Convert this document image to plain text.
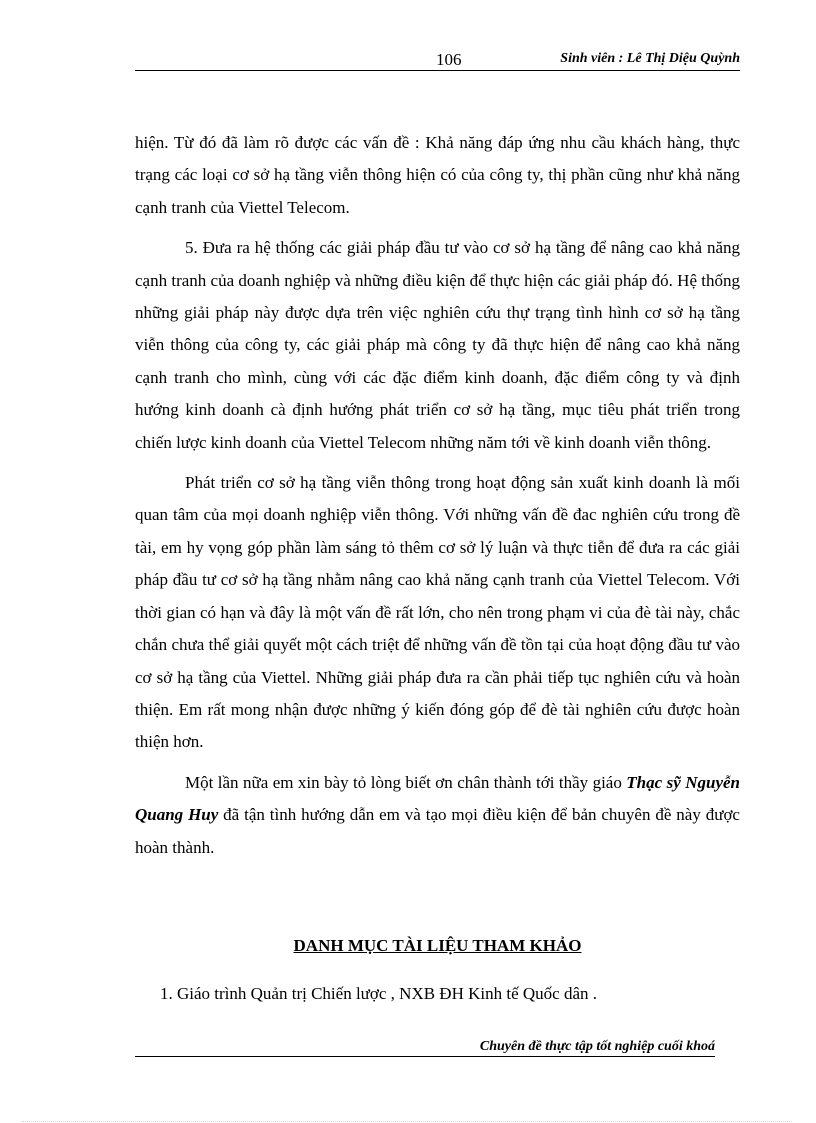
106	Sinh viên : Lê Thị Diệu Quỳnh

hiện. Từ đó đã làm rõ được các vấn đề : Khả năng đáp ứng nhu cầu khách hàng, thực trạng các loại cơ sở hạ tầng viễn thông hiện có của công ty, thị phần cũng như khả năng cạnh tranh của Viettel Telecom.

5. Đưa ra hệ thống các giải pháp đầu tư vào cơ sở hạ tầng để nâng cao khả năng cạnh tranh của doanh nghiệp và những điều kiện để thực hiện các giải pháp đó. Hệ thống những giải pháp này được dựa trên việc nghiên cứu thự trạng tình hình cơ sở hạ tầng viễn thông của công ty, các giải pháp mà công ty đã thực hiện để nâng cao khả năng cạnh tranh cho mình, cùng với các đặc điểm kinh doanh, đặc điểm công ty và định hướng kinh doanh cà định hướng phát triển cơ sở hạ tầng, mục tiêu phát triển trong chiến lược kinh doanh của Viettel Telecom những năm tới về kinh doanh viễn thông.

Phát triển cơ sở hạ tầng viễn thông trong hoạt động sản xuất kinh doanh là mối quan tâm của mọi doanh nghiệp viễn thông. Với những vấn đề đac nghiên cứu trong đề tài, em hy vọng góp phần làm sáng tỏ thêm cơ sở lý luận và thực tiễn để đưa ra các giải pháp đầu tư cơ sở hạ tầng nhằm nâng cao khả năng cạnh tranh của Viettel Telecom. Với thời gian có hạn và đây là một vấn đề rất lớn, cho nên trong phạm vi của đè tài này, chắc chắn chưa thể giải quyết một cách triệt để những vấn đề tồn tại của hoạt động đầu tư vào cơ sở hạ tầng của Viettel. Những giải pháp đưa ra cần phải tiếp tục nghiên cứu và hoàn thiện. Em rất mong nhận được những ý kiến đóng góp để đè tài nghiên cứu được hoàn thiện hơn.

Một lần nữa em xin bày tỏ lòng biết ơn chân thành tới thầy giáo Thạc sỹ Nguyễn Quang Huy đã tận tình hướng dẫn em và tạo mọi điều kiện để bản chuyên đề này được hoàn thành.

DANH MỤC TÀI LIỆU THAM KHẢO
1. Giáo trình Quản trị Chiến lược , NXB ĐH Kinh tế Quốc dân .
Chuyên đề thực tập tốt nghiệp cuối khoá
